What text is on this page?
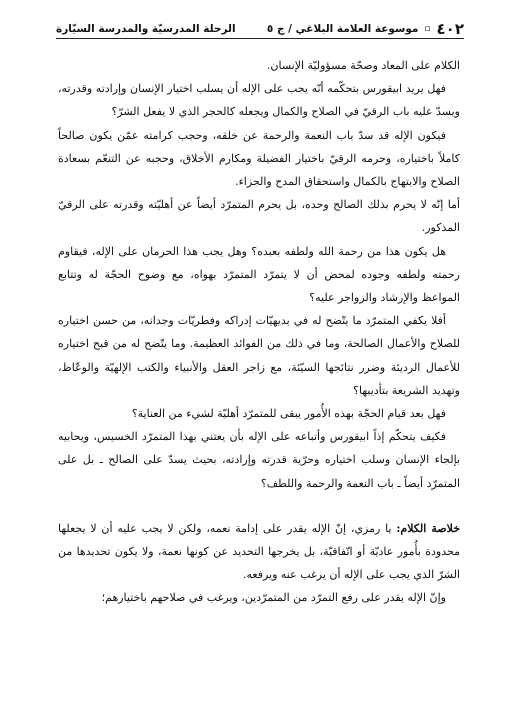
٤٠٢
▫
موسوعة العلامة البلاغي / ج ٥
الرحلة المدرسيّة والمدرسة السيّارة

الكلام على المعاد وصحّة مسؤوليّة الإنسان.

فهل يريد ابيقورس بتحكّمه أنّه يجب على الإله أن يسلب اختيار الإنسان وإرادته وقدرته، ويسدّ عليه باب الرقيّ في الصلاح والكمال ويجعله كالحجر الذي لا يفعل الشرّ؟

فيكون الإله قد سدّ باب النعمة والرحمة عن خلقه، وحجب كرامته عمّن يكون صالحاً كاملاً باختياره، وحرمه الرقيّ باختيار الفضيلة ومكارم الأخلاق، وحجبه عن التنعّم بسعادة الصلاح والابتهاج بالكمال واستحقاق المدح والجزاء.

أما إنّه لا يحرم بذلك الصالح وحده، بل يحرم المتمرّد أيضاً عن أهليّته وقدرته على الرقيّ المذكور.

هل يكون هذا من رحمة الله ولطفه بعبده؟ وهل يجب هذا الحرمان على الإله، فيقاوم رحمته ولطفه وجوده لمحض أن لا يتمرّد المتمرّد بهواه، مع وضوح الحجّة له وتتابع المواعظ والإرشاد والزواجر عليه؟

أفلا يكفي المتمرّد ما يتّضح له في بديهيّات إدراكه وفطريّات وجدانه، من حسن اختياره للصلاح والأعمال الصالحة، وما في ذلك من الفوائد العظيمة. وما يتّضح له من قبح اختياره للأعمال الرديئة وضرر نتائجها السيّئة، مع زاجر العقل والأنبياء والكتب الإلهيّة والوعّاظ، وتهديد الشريعة بتأديبها؟

فهل بعد قيام الحجّة بهذه الأُمور يبقى للمتمرّد أهليّة لشيء من العناية؟

فكيف يتحكّم إذاً ابيقورس وأتباعه على الإله بأن يعتني بهذا المتمرّد الخسيس، ويحابيه بإلجاء الإنسان وسلب اختياره وحرّية قدرته وإرادته، بحيث يسدّ على الصالح ـ بل على المتمرّد أيضاً ـ باب النعمة والرحمة واللطف؟

خلاصة الكلام: يا رمزي، إنّ الإله يقدر على إدامة نعمه، ولكن لا يجب عليه أن لا يجعلها محدودة بأُمور عاديّة أو اتّفاقيّة، بل يخرجها التحديد عن كونها نعمة، ولا يكون تحديدها من الشرّ الذي يجب على الإله أن يرغب عنه ويرفعه.

وإنّ الإله يقدر على رفع التمرّد من المتمرّدين، ويرغب في صلاحهم باختيارهم؛
